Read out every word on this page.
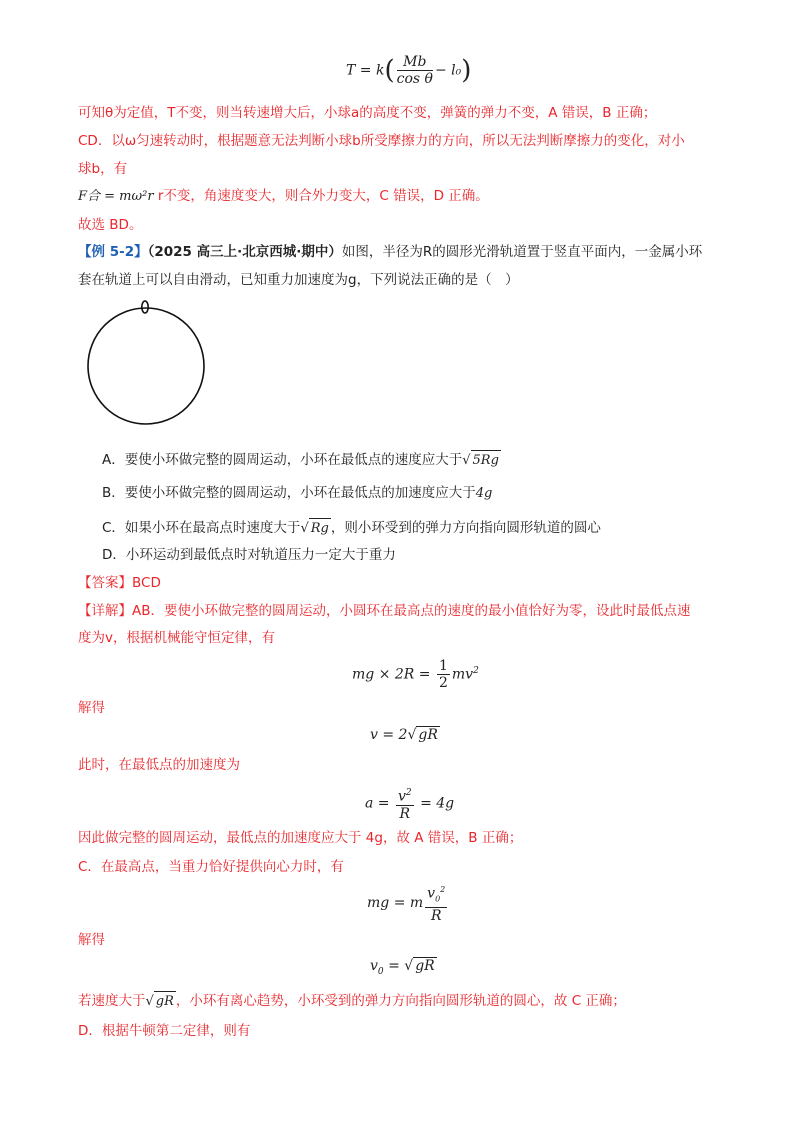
$T = k( \frac{Mb}{\text{cos θ}} - l_0)$
可知θ为定值，T不变，则当转速增大后，小球a的高度不变，弹簧的弹力不变，A 错误，B 正确；
CD．以ω匀速转动时，根据题意无法判断小球b所受摩擦力的方向，所以无法判断摩擦力的变化，对小
球b，有
F合 = mω²r r不变，角速度变大，则合外力变大，C 错误，D 正确。
故选 BD。
【例 5-2】（2025 高三上·北京西城·期中）如图，半径为R的圆形光滑轨道置于竖直平面内，一金属小环
套在轨道上可以自由滑动，已知重力加速度为g，下列说法正确的是（　）
A．要使小环做完整的圆周运动，小环在最低点的速度应大于√ 5Rg
B．要使小环做完整的圆周运动，小环在最低点的加速度应大于4g
C．如果小环在最高点时速度大于√ Rg ，则小环受到的弹力方向指向圆形轨道的圆心
D．小环运动到最低点时对轨道压力一定大于重力
【答案】BCD
【详解】AB．要使小环做完整的圆周运动，小圆环在最高点的速度的最小值恰好为零，设此时最低点速
度为v，根据机械能守恒定律，有
mg × $2R = \frac{1}{2} mv^2$
解得
v = 2√ gR
此时，在最低点的加速度为
$a = \frac{v^2}{R} = 4g$
因此做完整的圆周运动，最低点的加速度应大于 4g，故 A 错误，B 正确；
C．在最高点，当重力恰好提供向心力时，有
mg = m $\frac{v_0^2}{R}$
解得
$v_0$ = √ gR
若速度大于√ gR ，小环有离心趋势，小环受到的弹力方向指向圆形轨道的圆心，故 C 正确；
D．根据牛顿第二定律，则有
